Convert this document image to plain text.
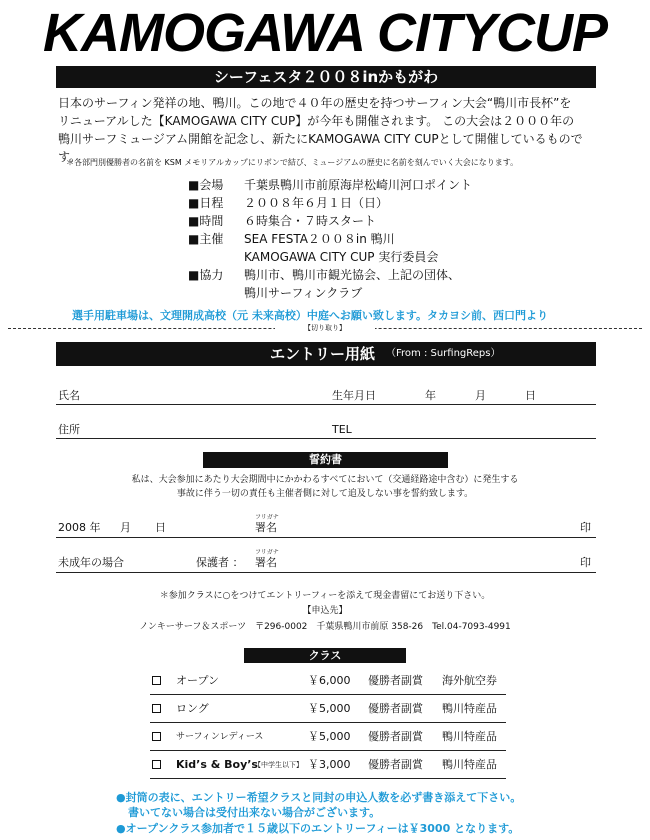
KAMOGAWA CITYCUP
シーフェスタ２００８inかもがわ
日本のサーフィン発祥の地、鴨川。この地で４０年の歴史を持つサーフィン大会“鴨川市長杯”を
リニューアルした【KAMOGAWA CITY CUP】が今年も開催されます。 この大会は２０００年の
鴨川サーフミュージアム開館を記念し、新たにKAMOGAWA CITY CUPとして開催しているものです。
＊各部門別優勝者の名前を KSM メモリアルカップにリボンで結び、ミュージアムの歴史に名前を刻んでいく大会になります。
■会場 千葉県鴨川市前原海岸松崎川河口ポイント
■日程 ２００８年６月１日（日）
■時間 ６時集合・７時スタート
■主催 SEA FESTA２００８in 鴨川
KAMOGAWA CITY CUP 実行委員会
■協力 鴨川市、鴨川市観光協会、上記の団体、
鴨川サーフィンクラブ
選手用駐車場は、文理開成高校（元 未来高校）中庭へお願い致します。タカヨシ前、西口門より
【切り取り】
エントリー用紙 （From : SurfingReps）
氏名	生年月日	年	月	日
住所	TEL
誓約書
私は、大会参加にあたり大会期間中にかかわるすべてにおいて（交通経路途中含む）に発生する
事故に伴う一切の責任も主催者側に対して追及しない事を誓約致します。
2008 年 月 日
フリガナ
署名	印
未成年の場合	保護者 ：
フリガナ
署名	印
＊参加クラスに○をつけてエントリーフィーを添えて現金書留にてお送り下さい。
【申込先】
ノンキーサーフ＆スポーツ　〒296-0002　千葉県鴨川市前原 358-26　Tel.04-7093-4991
クラス
オープン	￥6,000 優勝者副賞 海外航空券
ロング	￥5,000 優勝者副賞 鴨川特産品
サーフィンレディース	￥5,000 優勝者副賞 鴨川特産品
Kid’s & Boy’s
【中学生以下】 ￥3,000 優勝者副賞 鴨川特産品
●封筒の表に、エントリー希望クラスと同封の申込人数を必ず書き添えて下さい。
書いてない場合は受付出来ない場合がございます。
●オープンクラス参加者で１５歳以下のエントリーフィーは￥3000 となります。
